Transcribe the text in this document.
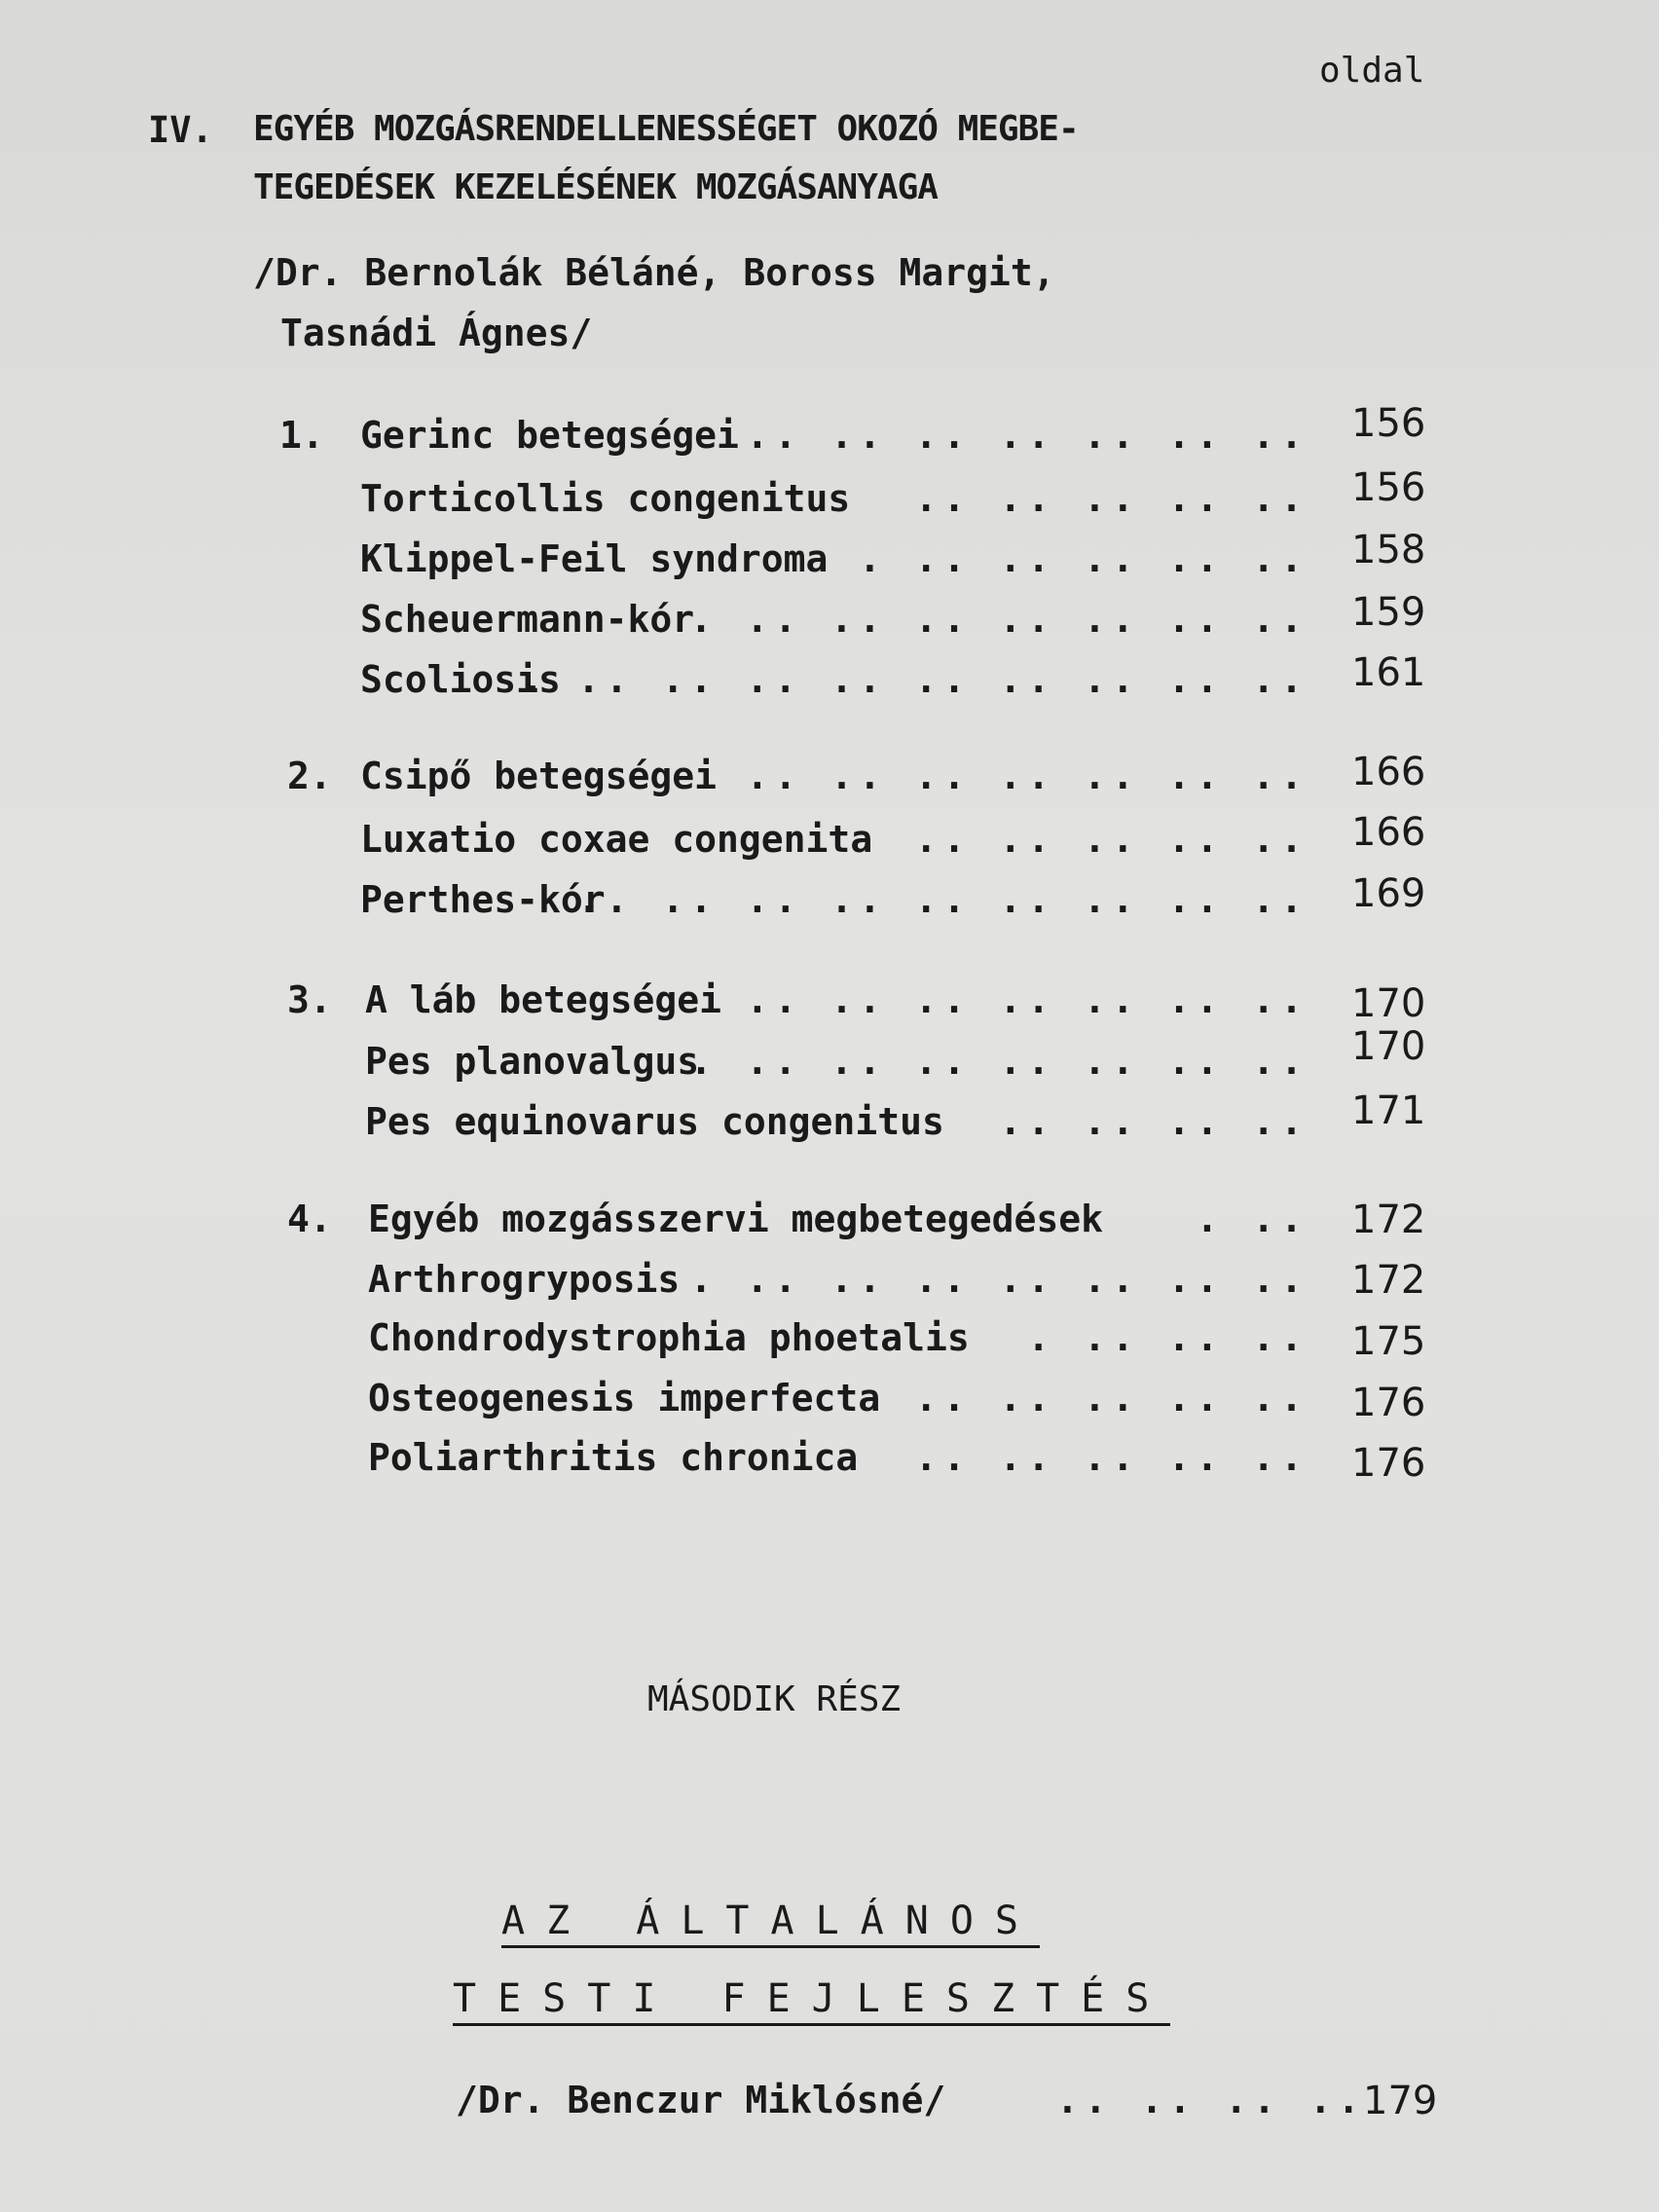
oldal
IV. EGYÉB MOZGÁSRENDELLENESSÉGET OKOZÓ MEGBE-
TEGEDÉSEK KEZELÉSÉNEK MOZGÁSANYAGA
/Dr. Bernolák Béláné, Boross Margit,
Tasnádi Ágnes/
1. Gerinc betegségei .. .. .. .. .. .. .. 156
Torticollis congenitus .. .. .. .. .. 156
Klippel-Feil syndroma . .. .. .. .. .. 158
Scheuermann-kór
. .. .. .. .. .. .. .. 159
Scoliosis
. .. .. .. .. .. .. .. .. .. 161
2. Csipő betegségei .. .. .. .. .. .. .. 166
Luxatio coxae congenita .. .. .. .. .. 166
Perthes-kór
.. .. .. .. .. .. .. .. .. 169
3. A láb betegségei .. .. .. .. .. .. .. 170
Pes planovalgus
. .. .. .. .. .. .. .. 170
Pes equinovarus congenitus .. .. .. .. 171
4. Egyéb mozgásszervi megbetegedések	. .. 172
Arthrogryposis . .. .. .. .. .. .. .. 172
Chondrodystrophia phoetalis . .. .. .. 175
Osteogenesis imperfecta .. .. .. .. .. 176
Poliarthritis chronica .. .. .. .. .. 176
MÁSODIK RÉSZ
AZ ÁLTALÁNOS
TESTI FEJLESZTÉS
/Dr. Benczur Miklósné/	.. .. .. ..
179
